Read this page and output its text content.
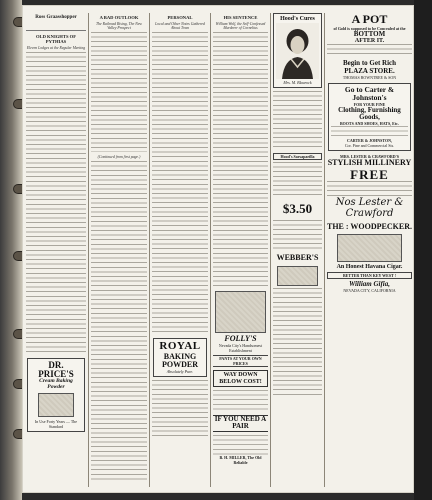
Ross Graasshopper

OLD KNIGHTS OF PYTHIAS
Eleven Lodges at the Regular Meeting
DR. PRICE'S
Cream Baking Powder
In Use Forty Years — The Standard
A BAD OUTLOOK
The Railroad Rising, The New Valley Prospect
(Continued from first page.)
PERSONAL
Local and Other Notes Gathered About Town
ROYAL
BAKING
POWDER
Absolutely Pure.
HIS SENTENCE
William Wolf, the Self-Confessed Murderer of Cornelius
FOLLY'S
Nevada City's Handsomest Establishment
PANTS AT YOUR OWN PRICES
WAY DOWN BELOW COST!
IF YOU NEED A PAIR
B. H. MILLER, The Old Reliable
Hood's Cures
Mrs. M. Blaurock
Hood's Sarsaparilla
$3.50
WEBBER'S
A POT
of Gold is supposed to be Concealed at the
BOTTOM
AFTER IT.
Begin to Get Rich
PLAZA STORE.
THOMAS ROWNTREE & SON
Go to Carter & Johnston's
FOR YOUR FINE
Clothing, Furnishing Goods,
BOOTS AND SHOES, HATS, Etc.
CARTER & JOHNSTON,
Cor. Pine and Commercial Sts.
MRS. LESTER & CRAWFORD'S
STYLISH MILLINERY
FREE
Nos Lester & Crawford
THE : WOODPECKER.
An Honest Havana Cigar.
BETTER THAN KEY WEST !
William Gifia,
NEVADA CITY, CALIFORNIA
